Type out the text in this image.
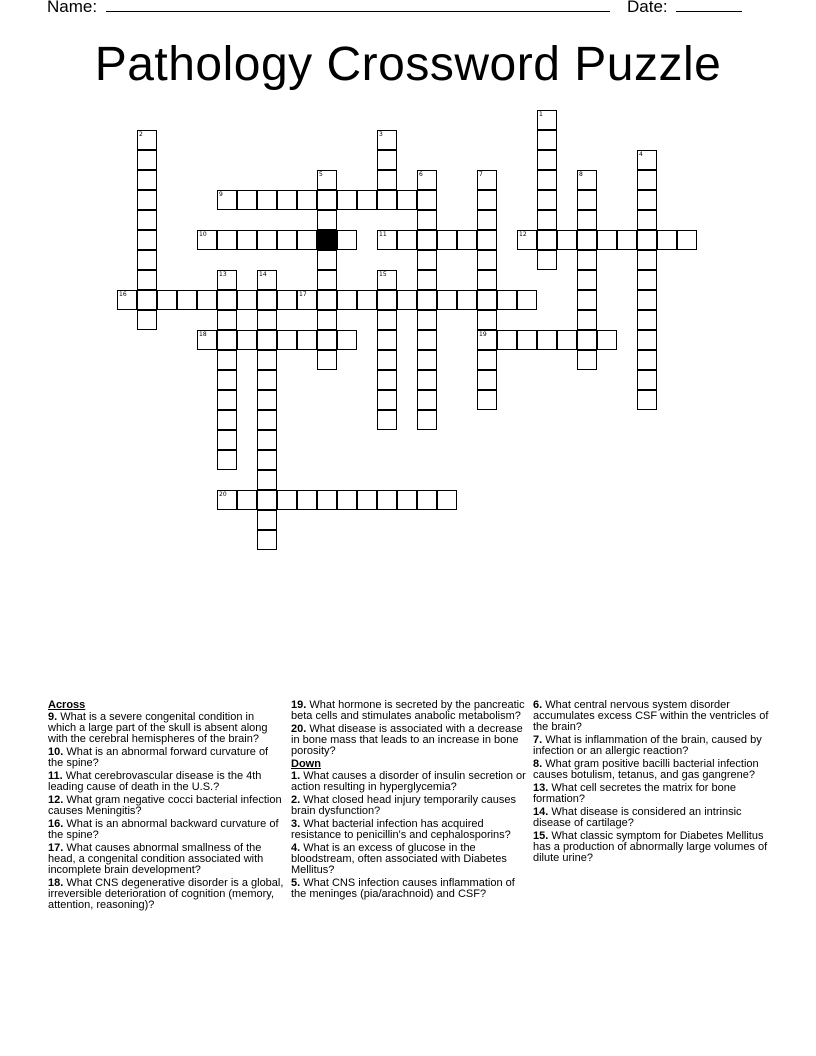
Name:	Date:
Pathology Crossword Puzzle
1
2	3
4
5	6	7
19
8
9
10	11	12
13	14	15
16	17
18
20
Across
9. What is a severe congenital condition in which a large part of the skull is absent along with the cerebral hemispheres of the brain?
10. What is an abnormal forward curvature of the spine?
11. What cerebrovascular disease is the 4th leading cause of death in the U.S.?
12. What gram negative cocci bacterial infection causes Meningitis?
16. What is an abnormal backward curvature of the spine?
17. What causes abnormal smallness of the head, a congenital condition associated with incomplete brain development?
18. What CNS degenerative disorder is a global, irreversible deterioration of cognition (memory, attention, reasoning)?
19. What hormone is secreted by the pancreatic beta cells and stimulates anabolic metabolism?
20. What disease is associated with a decrease in bone mass that leads to an increase in bone porosity?
Down
1. What causes a disorder of insulin secretion or action resulting in hyperglycemia?
2. What closed head injury temporarily causes brain dysfunction?
3. What bacterial infection has acquired resistance to penicillin's and cephalosporins?
4. What is an excess of glucose in the bloodstream, often associated with Diabetes Mellitus?
5. What CNS infection causes inflammation of the meninges (pia/arachnoid) and CSF?
6. What central nervous system disorder accumulates excess CSF within the ventricles of the brain?
7. What is inflammation of the brain, caused by infection or an allergic reaction?
8. What gram positive bacilli bacterial infection causes botulism, tetanus, and gas gangrene?
13. What cell secretes the matrix for bone formation?
14. What disease is considered an intrinsic disease of cartilage?
15. What classic symptom for Diabetes Mellitus has a production of abnormally large volumes of dilute urine?
